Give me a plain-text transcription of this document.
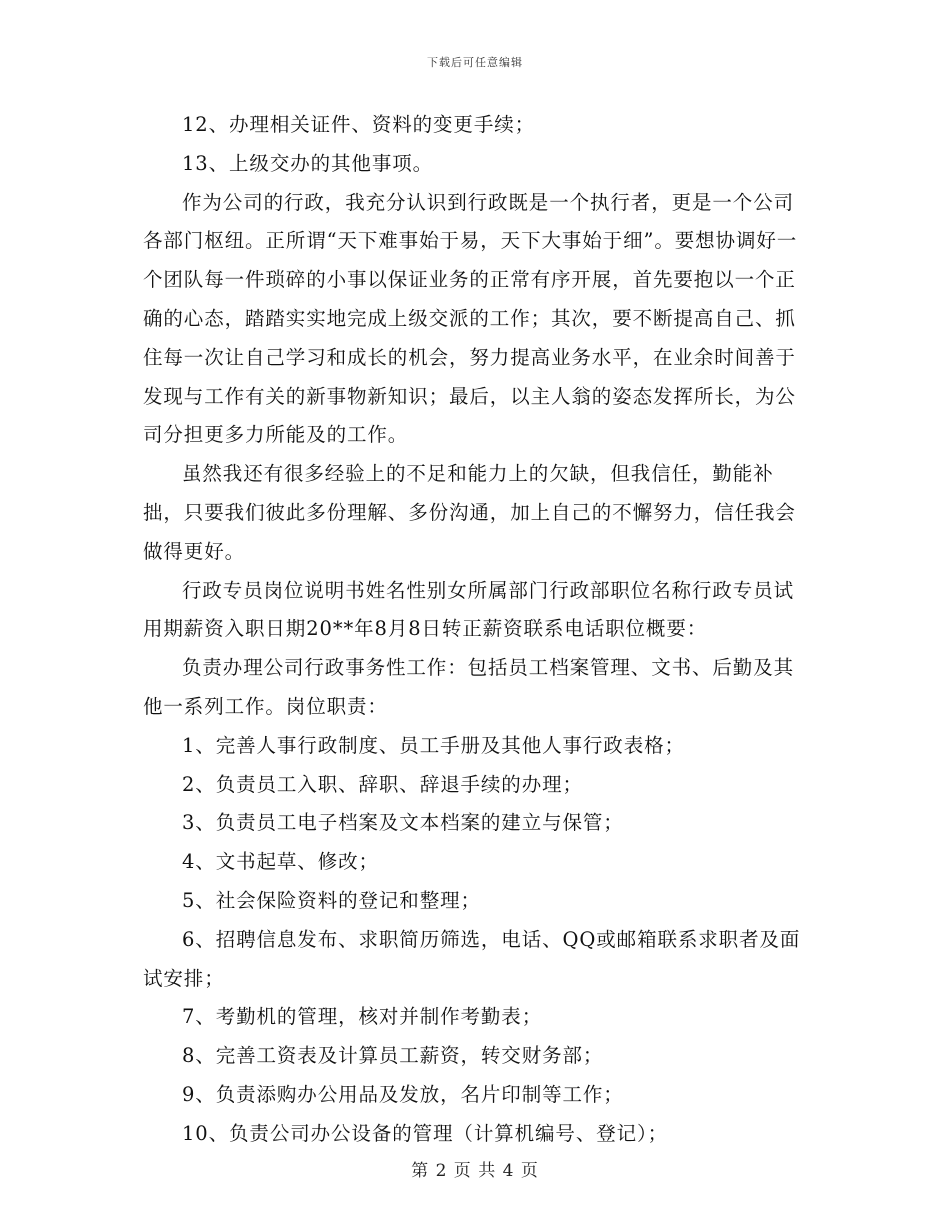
下载后可任意编辑

12、办理相关证件、资料的变更手续；

13、上级交办的其他事项。

作为公司的行政，我充分认识到行政既是一个执行者，更是一个公司各部门枢纽。正所谓“天下难事始于易，天下大事始于细”。要想协调好一个团队每一件琐碎的小事以保证业务的正常有序开展，首先要抱以一个正确的心态，踏踏实实地完成上级交派的工作；其次，要不断提高自己、抓住每一次让自己学习和成长的机会，努力提高业务水平，在业余时间善于发现与工作有关的新事物新知识；最后，以主人翁的姿态发挥所长，为公司分担更多力所能及的工作。

虽然我还有很多经验上的不足和能力上的欠缺，但我信任，勤能补拙，只要我们彼此多份理解、多份沟通，加上自己的不懈努力，信任我会做得更好。

行政专员岗位说明书姓名性别女所属部门行政部职位名称行政专员试用期薪资入职日期20**年8月8日转正薪资联系电话职位概要：

负责办理公司行政事务性工作：包括员工档案管理、文书、后勤及其他一系列工作。岗位职责：

1、完善人事行政制度、员工手册及其他人事行政表格；

2、负责员工入职、辞职、辞退手续的办理；

3、负责员工电子档案及文本档案的建立与保管；

4、文书起草、修改；

5、社会保险资料的登记和整理；

6、招聘信息发布、求职简历筛选，电话、QQ或邮箱联系求职者及面试安排；

7、考勤机的管理，核对并制作考勤表；

8、完善工资表及计算员工薪资，转交财务部；

9、负责添购办公用品及发放，名片印制等工作；

10、负责公司办公设备的管理（计算机编号、登记）；

第 2 页 共 4 页
